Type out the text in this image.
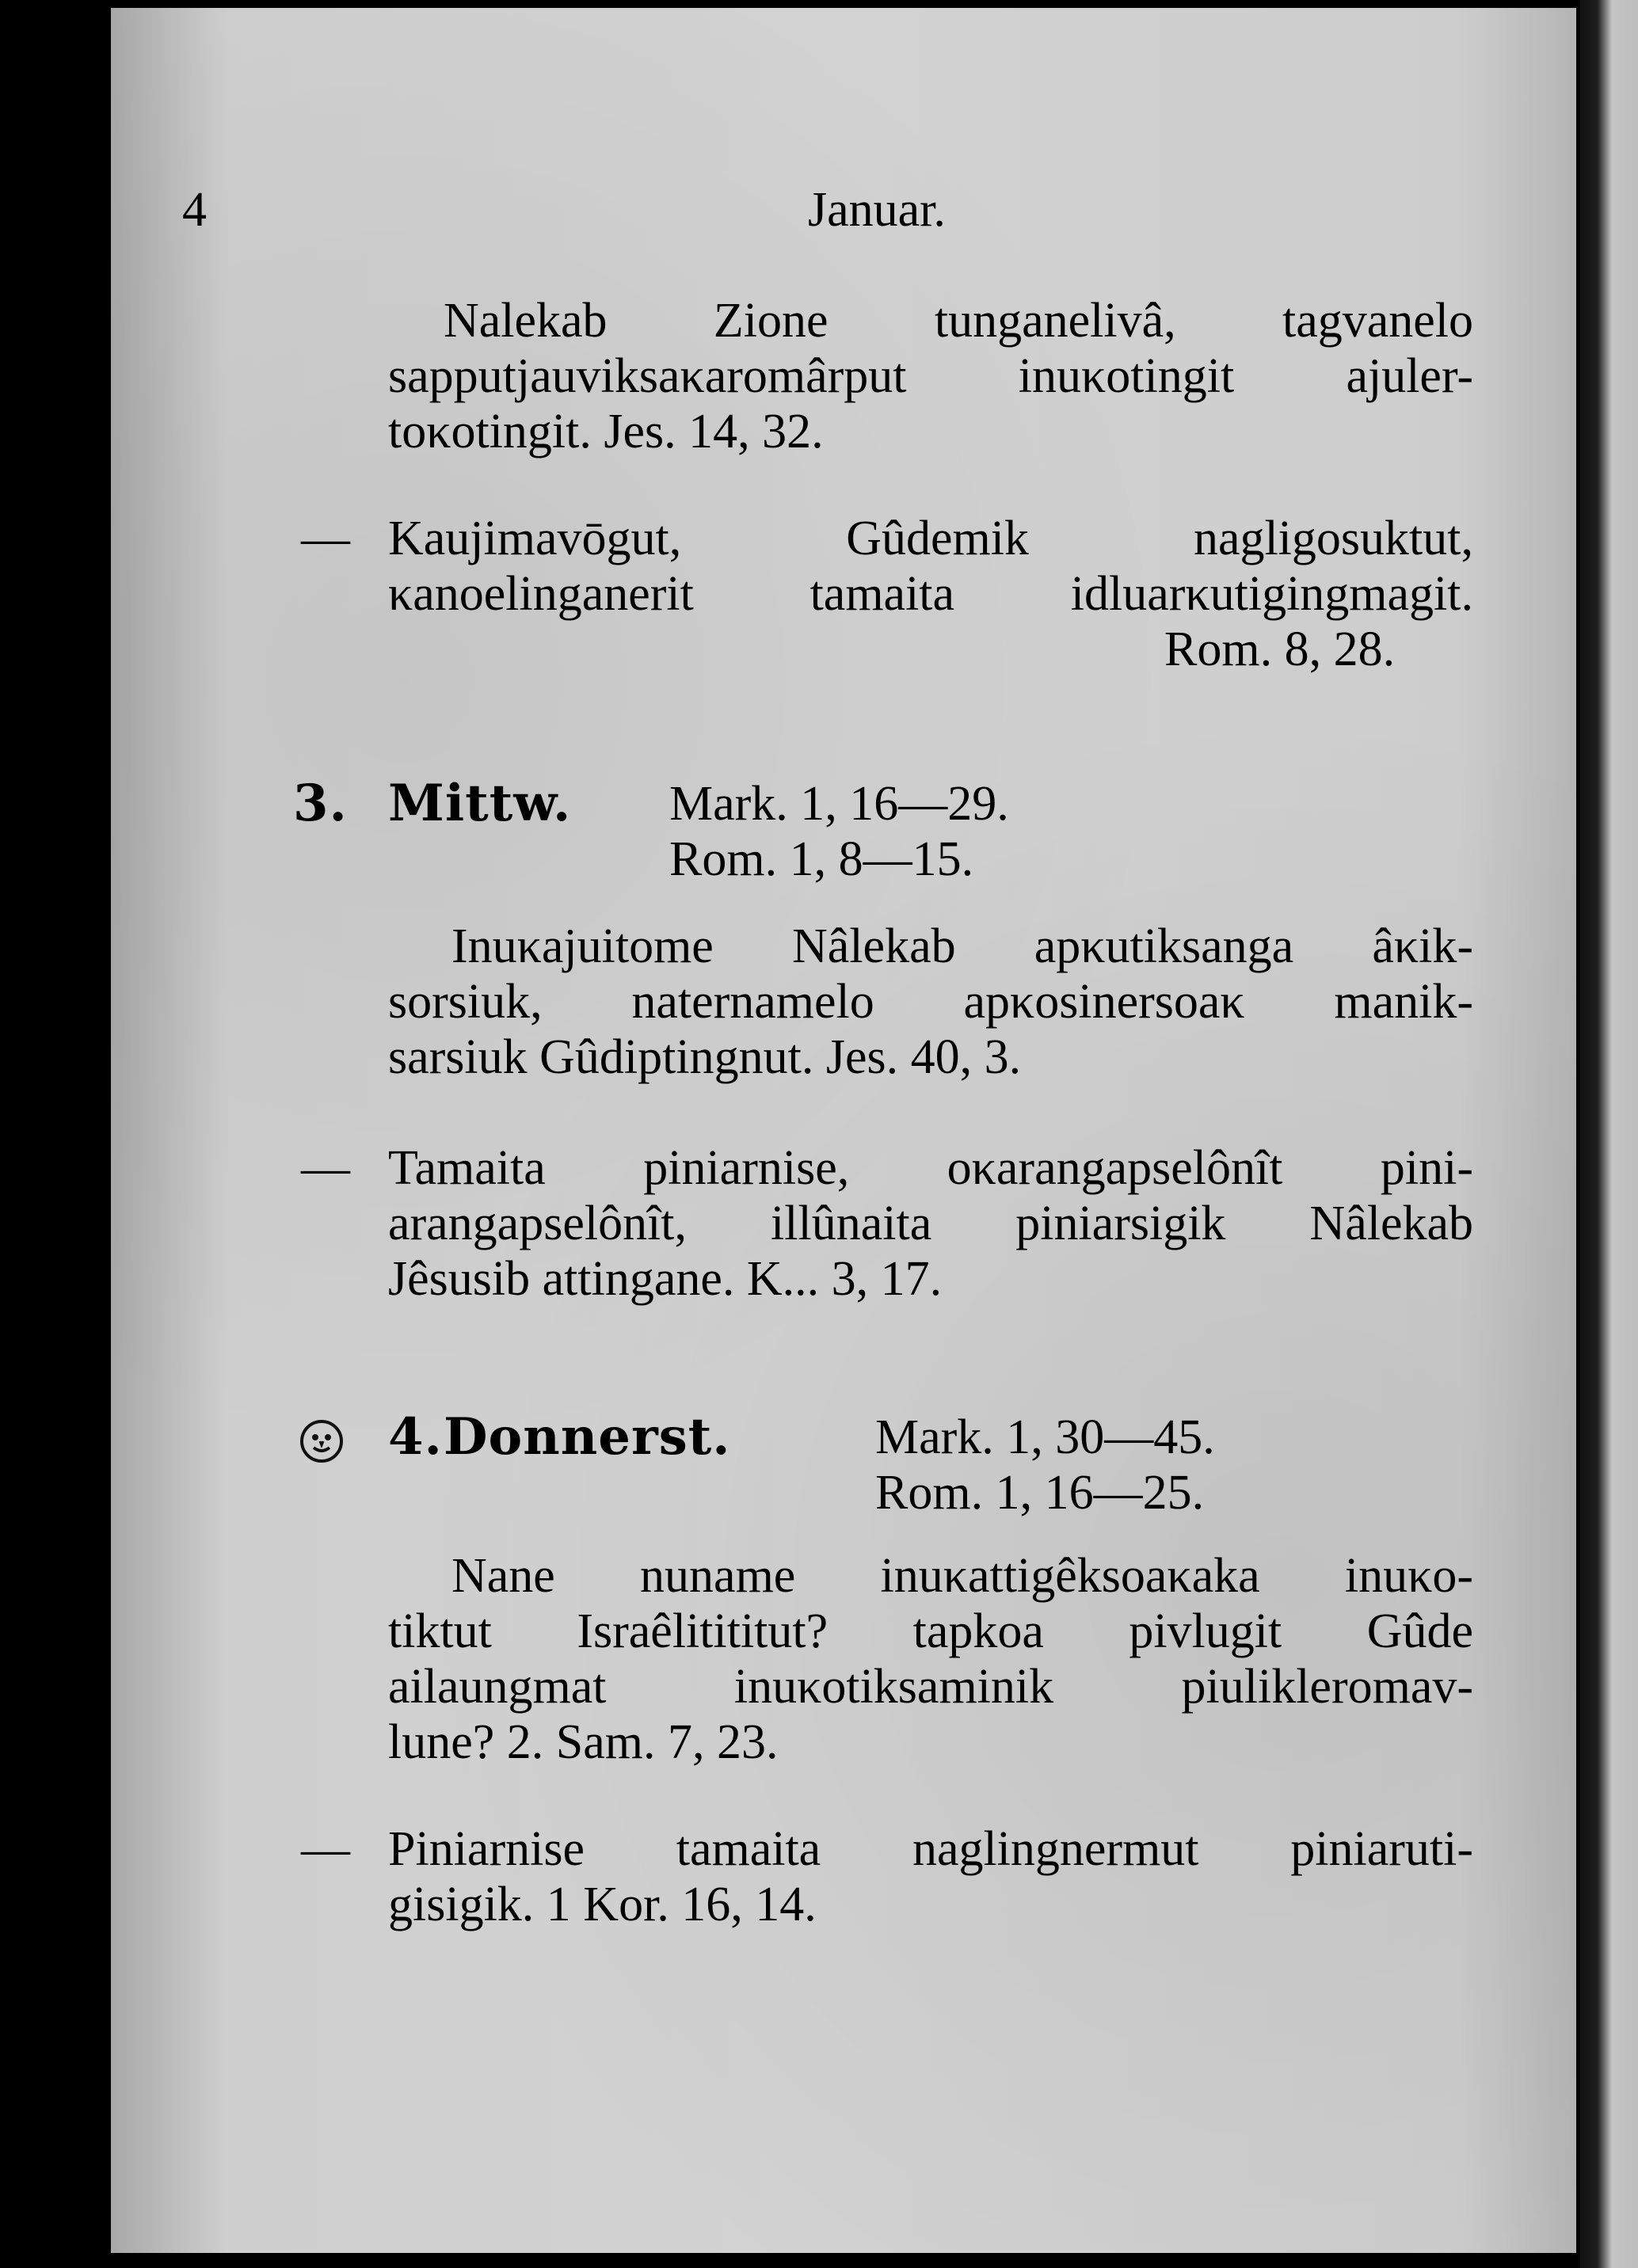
4	Januar.
Nalekab Zione tunganelivâ, tagvanelo
sapputjauviksaκaromârput inuκotingit ajuler-
toκotingit. Jes. 14, 32.
— Kaujimavōgut, Gûdemik nagligosuktut,
κanoelinganerit tamaita idluarκutigingmagit.
Rom. 8, 28.
3. Mittw. Mark. 1, 16—29.
Rom. 1, 8—15.
Inuκajuitome Nâlekab apκutiksanga âκik-
sorsiuk, naternamelo apκosinersoaκ manik-
sarsiuk Gûdiptingnut. Jes. 40, 3.
— Tamaita piniarnise, oκarangapselônît pini-
arangapselônît, illûnaita piniarsigik Nâlekab
Jêsusib attingane. K... 3, 17.
4. Donnerst.	Mark. 1, 30—45.
Rom. 1, 16—25.
Nane nuname inuκattigêksoaκaka inuκo-
tiktut Israêlitititut? tapkoa pivlugit Gûde
ailaungmat inuκotiksaminik piulikleromav-
lune? 2. Sam. 7, 23.
— Piniarnise tamaita naglingnermut piniaruti-
gisigik. 1 Kor. 16, 14.
